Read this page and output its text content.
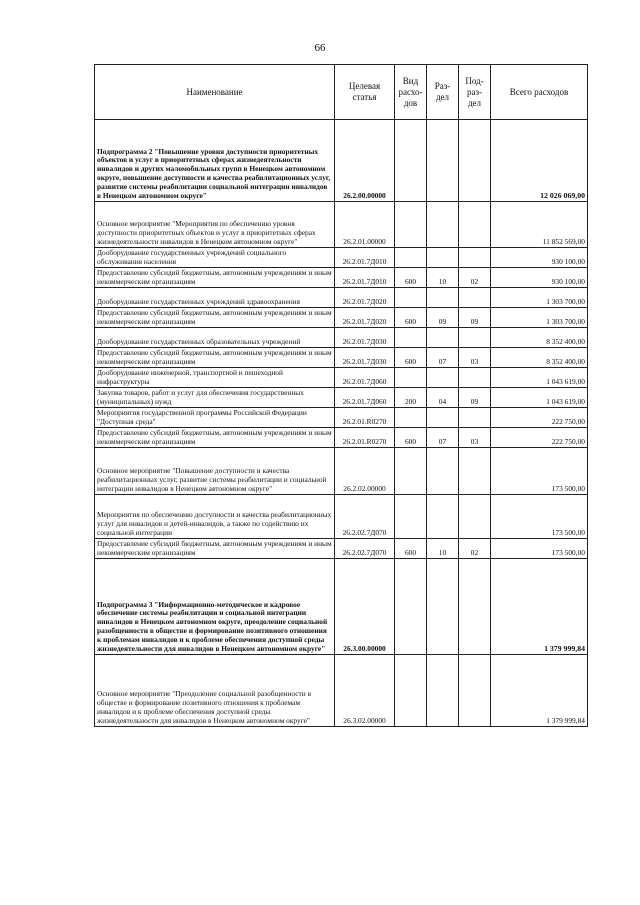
66
Наименование	Целевая статья	Вид расхо-дов	Раз-дел	Под-раз-дел	Всего расходов
Подпрограмма 2 "Повышение уровня доступности приоритетных объектов и услуг в приоритетных сферах жизнедеятельности инвалидов и других маломобильных групп в Ненецком автономном округе, повышение доступности и качества реабилитационных услуг, развитие системы реабилитации социальной интеграции инвалидов в Ненецком автономном округе"	26.2.00.00000				12 026 069,00
Основное мероприятие "Мероприятия по обеспечению уровня доступности приоритетных объектов и услуг в приоритетных сферах жизнедеятельности инвалидов в Ненецком автономном округе"	26.2.01.00000				11 852 569,00
Дооборудование государственных учреждений социального обслуживания населения	26.2.01.7Д010				930 100,00
Предоставление субсидий бюджетным, автономным учреждениям и иным некоммерческим организациям	26.2.01.7Д010	600	10	02	930 100,00
Дооборудование государственных учреждений здравоохранения	26.2.01.7Д020				1 303 700,00
Предоставление субсидий бюджетным, автономным учреждениям и иным некоммерческим организациям	26.2.01.7Д020	600	09	09	1 303 700,00
Дооборудование государственных образовательных учреждений	26.2.01.7Д030				8 352 400,00
Предоставление субсидий бюджетным, автономным учреждениям и иным некоммерческим организациям	26.2.01.7Д030	600	07	03	8 352 400,00
Дооборудование инженерной, транспортной и пешеходной инфраструктуры	26.2.01.7Д060				1 043 619,00
Закупка товаров, работ и услуг для обеспечения государственных (муниципальных) нужд	26.2.01.7Д060	200	04	09	1 043 619,00
Мероприятия государственной программы Российской Федерации "Доступная среда"	26.2.01.R0270				222 750,00
Предоставление субсидий бюджетным, автономным учреждениям и иным некоммерческим организациям	26.2.01.R0270	600	07	03	222 750,00
Основное мероприятие "Повышение доступности и качества реабилитационных услуг, развитие системы реабилитации и социальной интеграции инвалидов в Ненецком автономном округе"	26.2.02.00000				173 500,00
Мероприятия по обеспечению доступности и качества реабилитационных услуг для инвалидов и детей-инвалидов, а также по содействию их социальной интеграции	26.2.02.7Д070				173 500,00
Предоставление субсидий бюджетным, автономным учреждениям и иным некоммерческим организациям	26.2.02.7Д070	600	10	02	173 500,00
Подпрограмма 3 "Информационно-методическое и кадровое обеспечение системы реабилитации и социальной интеграции инвалидов в Ненецком автономном округе, преодоление социальной разобщенности в обществе и формирование позитивного отношения к проблемам инвалидов и к проблеме обеспечения доступной среды жизнедеятельности для инвалидов в Ненецком автономном округе"	26.3.00.00000				1 379 999,84
Основное мероприятие "Преодоление социальной разобщенности в обществе и формирование позитивного отношения к проблемам инвалидов и к проблеме обеспечения доступной среды жизнедеятельности для инвалидов в Ненецком автономном округе"	26.3.02.00000				1 379 999,84
